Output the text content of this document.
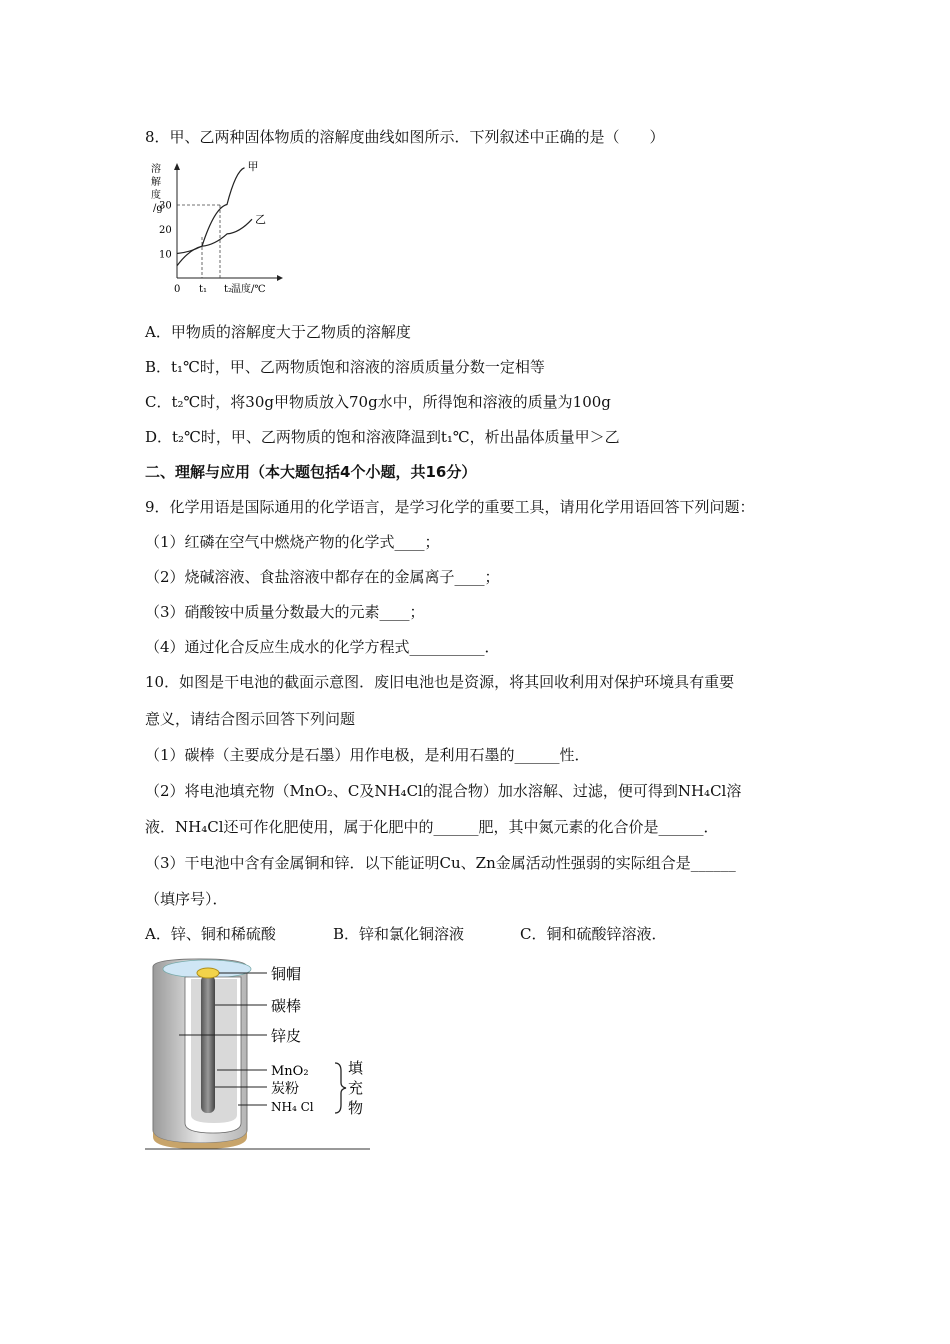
8．甲、乙两种固体物质的溶解度曲线如图所示．下列叙述中正确的是（　　）
溶
解
度
/g
10
20
30
0 t₁ t₂
温度/℃
甲
乙
A．甲物质的溶解度大于乙物质的溶解度
B．t₁℃时，甲、乙两物质饱和溶液的溶质质量分数一定相等
C．t₂℃时，将30g甲物质放入70g水中，所得饱和溶液的质量为100g
D．t₂℃时，甲、乙两物质的饱和溶液降温到t₁℃，析出晶体质量甲＞乙
二、理解与应用（本大题包括4个小题，共16分）
9．化学用语是国际通用的化学语言，是学习化学的重要工具，请用化学用语回答下列问题：
（1）红磷在空气中燃烧产物的化学式____；
（2）烧碱溶液、食盐溶液中都存在的金属离子____；
（3）硝酸铵中质量分数最大的元素____；
（4）通过化合反应生成水的化学方程式__________．
10．如图是干电池的截面示意图．废旧电池也是资源，将其回收利用对保护环境具有重要
意义，请结合图示回答下列问题
（1）碳棒（主要成分是石墨）用作电极，是利用石墨的______性．
（2）将电池填充物（MnO₂、C及NH₄Cl的混合物）加水溶解、过滤，便可得到NH₄Cl溶
液．NH₄Cl还可作化肥使用，属于化肥中的______肥，其中氮元素的化合价是______．
（3）干电池中含有金属铜和锌．以下能证明Cu、Zn金属活动性强弱的实际组合是______
（填序号）．
A．锌、铜和稀硫酸	B．锌和氯化铜溶液	C．铜和硫酸锌溶液．
铜帽
碳棒
锌皮
MnO₂
炭粉
NH₄ Cl
填
充
物
